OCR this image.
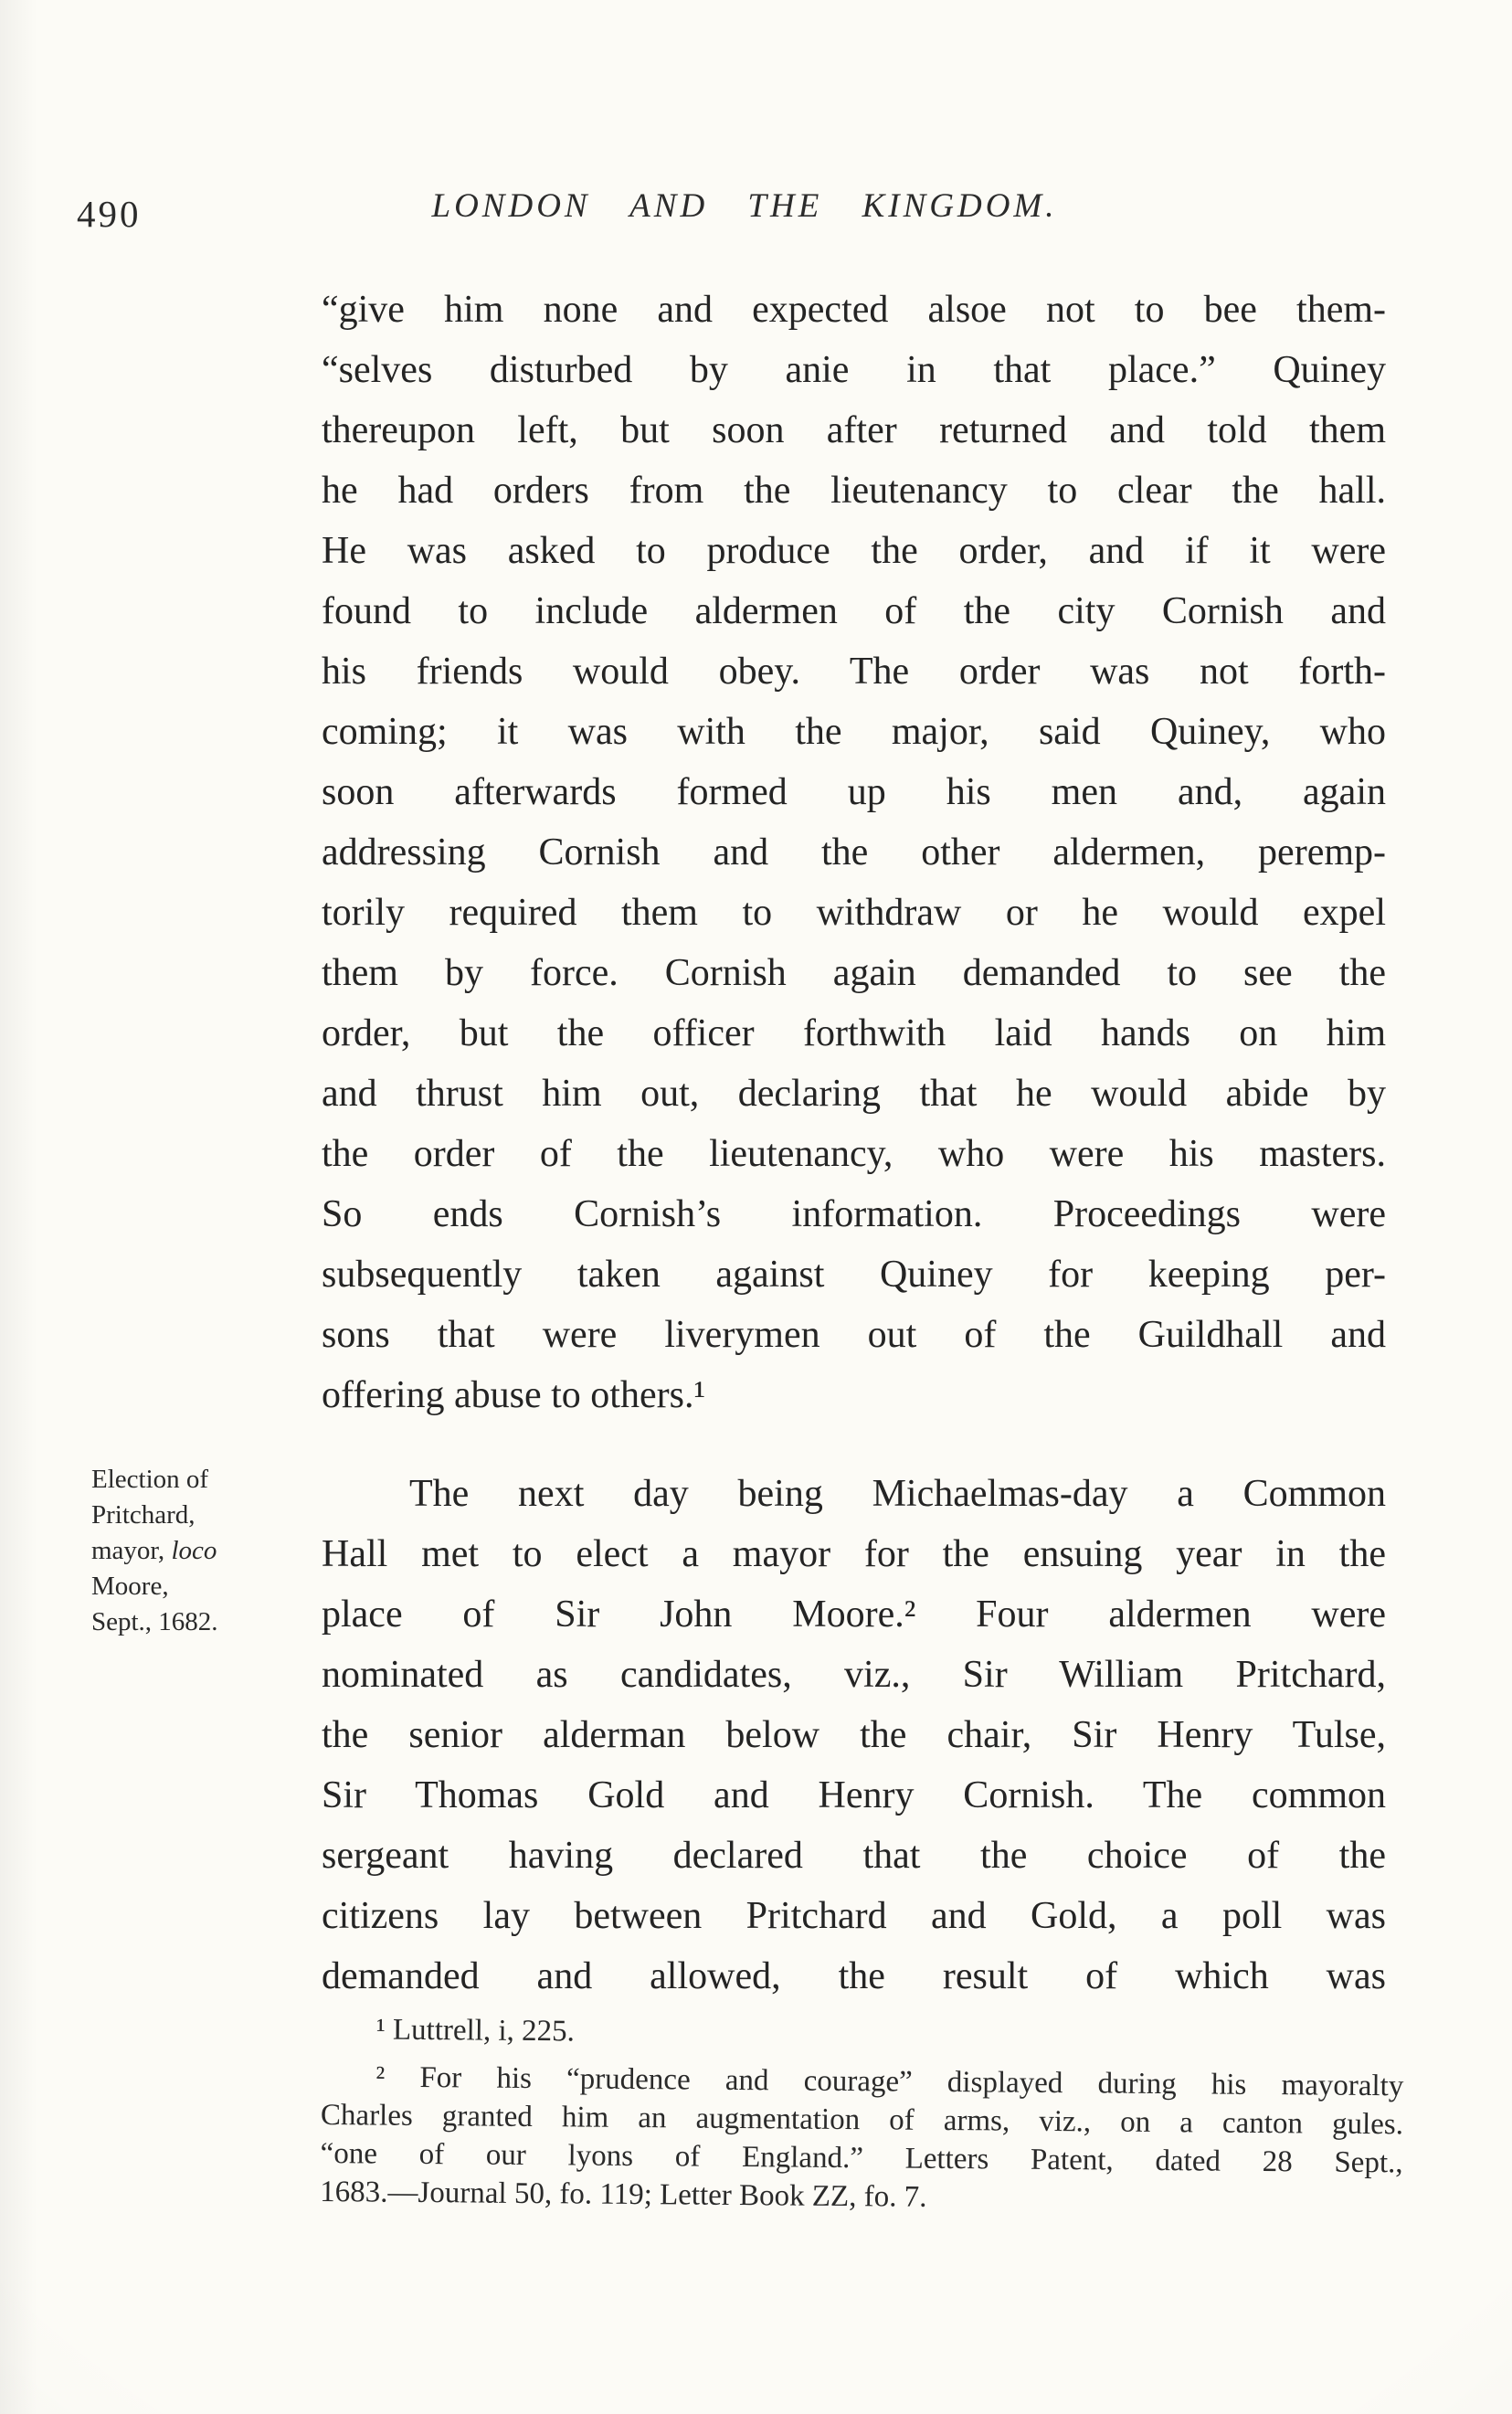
490	LONDON AND THE KINGDOM.
“give him none and expected alsoe not to bee them-
“selves disturbed by anie in that place.” Quiney
thereupon left, but soon after returned and told them
he had orders from the lieutenancy to clear the hall.
He was asked to produce the order, and if it were
found to include aldermen of the city Cornish and
his friends would obey. The order was not forth-
coming; it was with the major, said Quiney, who
soon afterwards formed up his men and, again
addressing Cornish and the other aldermen, peremp-
torily required them to withdraw or he would expel
them by force. Cornish again demanded to see the
order, but the officer forthwith laid hands on him
and thrust him out, declaring that he would abide by
the order of the lieutenancy, who were his masters.
So ends Cornish’s information. Proceedings were
subsequently taken against Quiney for keeping per-
sons that were liverymen out of the Guildhall and
offering abuse to others.¹
The next day being Michaelmas-day a Common
Hall met to elect a mayor for the ensuing year in the
place of Sir John Moore.² Four aldermen were
nominated as candidates, viz., Sir William Pritchard,
the senior alderman below the chair, Sir Henry Tulse,
Sir Thomas Gold and Henry Cornish. The common
sergeant having declared that the choice of the
citizens lay between Pritchard and Gold, a poll was
demanded and allowed, the result of which was
Election of
Pritchard,
mayor, loco
Moore,
Sept., 1682.
¹ Luttrell, i, 225.
² For his “prudence and courage” displayed during his mayoralty
Charles granted him an augmentation of arms, viz., on a canton gules.
“one of our lyons of England.” Letters Patent, dated 28 Sept.,
1683.—Journal 50, fo. 119; Letter Book ZZ, fo. 7.
